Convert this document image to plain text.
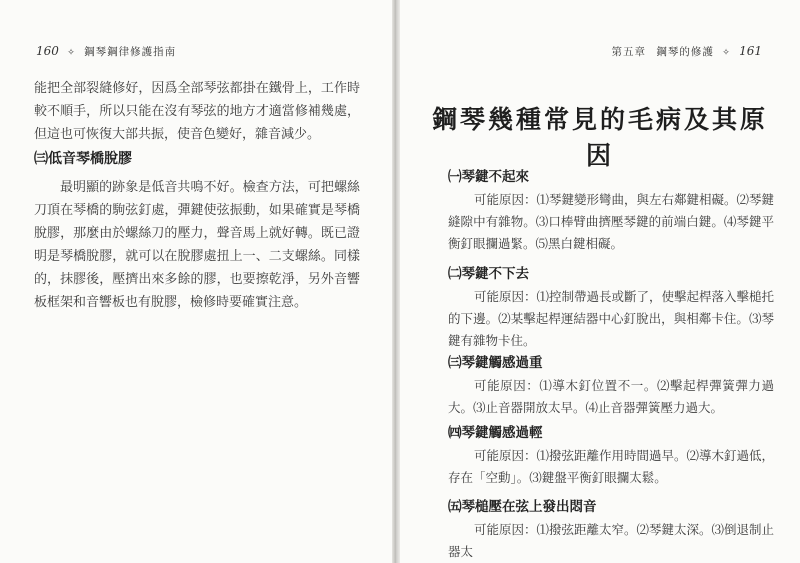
160 ✧ 鋼琴鋼律修護指南
能把全部裂縫修好，因爲全部琴弦都掛在鐵骨上，工作時較不順手，所以只能在沒有琴弦的地方才適當修補幾處，但這也可恢復大部共振，使音色變好，雜音減少。
㈢低音琴橋脫膠
最明顯的跡象是低音共鳴不好。檢查方法，可把螺絲刀頂在琴橋的駒弦釘處，彈鍵使弦振動，如果確實是琴橋脫膠，那麼由於螺絲刀的壓力，聲音馬上就好轉。既已證明是琴橋脫膠，就可以在脫膠處扭上一、二支螺絲。同樣的，抹膠後，壓擠出來多餘的膠，也要擦乾淨，另外音響板框架和音響板也有脫膠，檢修時要確實注意。
第五章 鋼琴的修護 ✧ 161
鋼琴幾種常見的毛病及其原因
㈠琴鍵不起來
可能原因：⑴琴鍵變形彎曲，與左右鄰鍵相礙。⑵琴鍵縫隙中有雜物。⑶口棒臂曲擠壓琴鍵的前端白鍵。⑷琴鍵平衡釘眼攔過緊。⑸黑白鍵相礙。
㈡琴鍵不下去
可能原因：⑴控制帶過長或斷了，使擊起桿落入擊槌托的下邊。⑵某擊起桿運結器中心釘脫出，與相鄰卡住。⑶琴鍵有雜物卡住。
㈢琴鍵觸感過重
可能原因：⑴導木釘位置不一。⑵擊起桿彈簧彈力過大。⑶止音器開放太早。⑷止音器彈簧壓力過大。
㈣琴鍵觸感過輕
可能原因：⑴撥弦距離作用時間過早。⑵導木釘過低，存在「空動」。⑶鍵盤平衡釘眼攔太鬆。
㈤琴槌壓在弦上發出悶音
可能原因：⑴撥弦距離太窄。⑵琴鍵太深。⑶倒退制止器太
